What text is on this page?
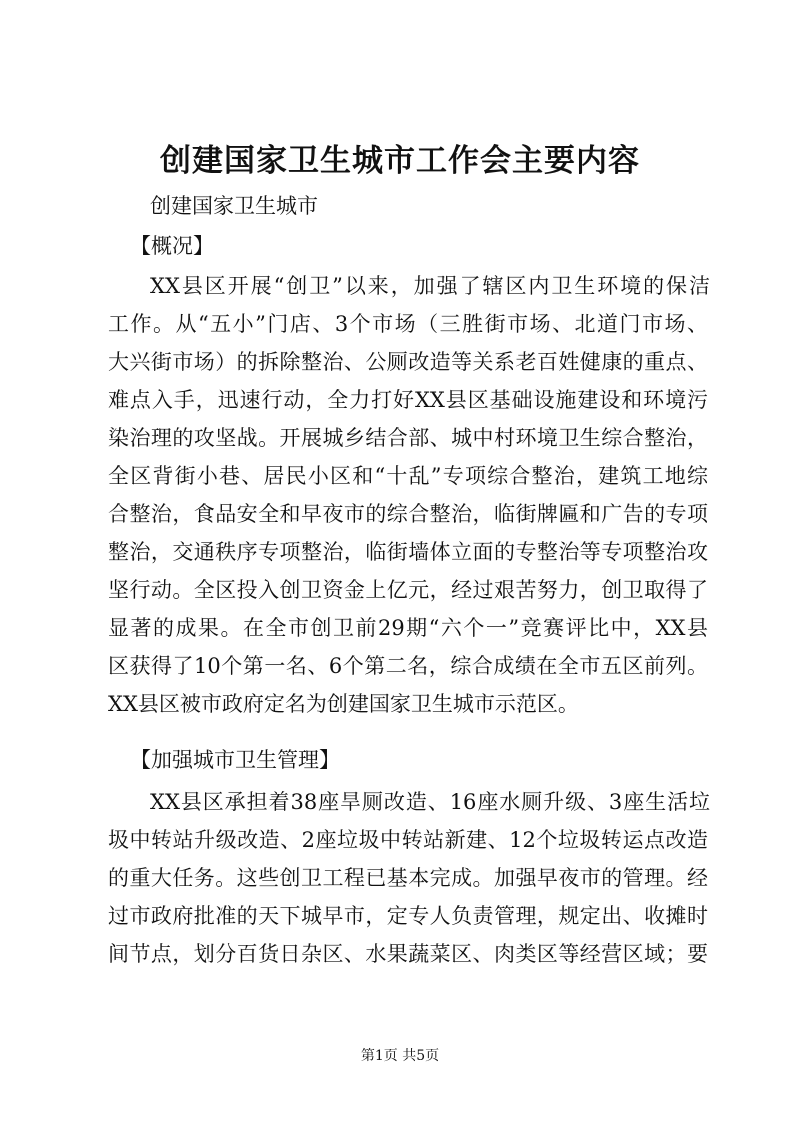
创建国家卫生城市工作会主要内容

创建国家卫生城市

【概况】

XX县区开展“创卫”以来，加强了辖区内卫生环境的保洁

工作。从“五小”门店、3个市场（三胜街市场、北道门市场、

大兴街市场）的拆除整治、公厕改造等关系老百姓健康的重点、

难点入手，迅速行动，全力打好XX县区基础设施建设和环境污

染治理的攻坚战。开展城乡结合部、城中村环境卫生综合整治，

全区背街小巷、居民小区和“十乱”专项综合整治，建筑工地综

合整治，食品安全和早夜市的综合整治，临街牌匾和广告的专项

整治，交通秩序专项整治，临街墙体立面的专整治等专项整治攻

坚行动。全区投入创卫资金上亿元，经过艰苦努力，创卫取得了

显著的成果。在全市创卫前29期“六个一”竞赛评比中，XX县

区获得了10个第一名、6个第二名，综合成绩在全市五区前列。

XX县区被市政府定名为创建国家卫生城市示范区。

【加强城市卫生管理】

XX县区承担着38座旱厕改造、16座水厕升级、3座生活垃

圾中转站升级改造、2座垃圾中转站新建、12个垃圾转运点改造

的重大任务。这些创卫工程已基本完成。加强早夜市的管理。经

过市政府批准的天下城早市，定专人负责管理，规定出、收摊时

间节点，划分百货日杂区、水果蔬菜区、肉类区等经营区域；要

第1页 共5页
